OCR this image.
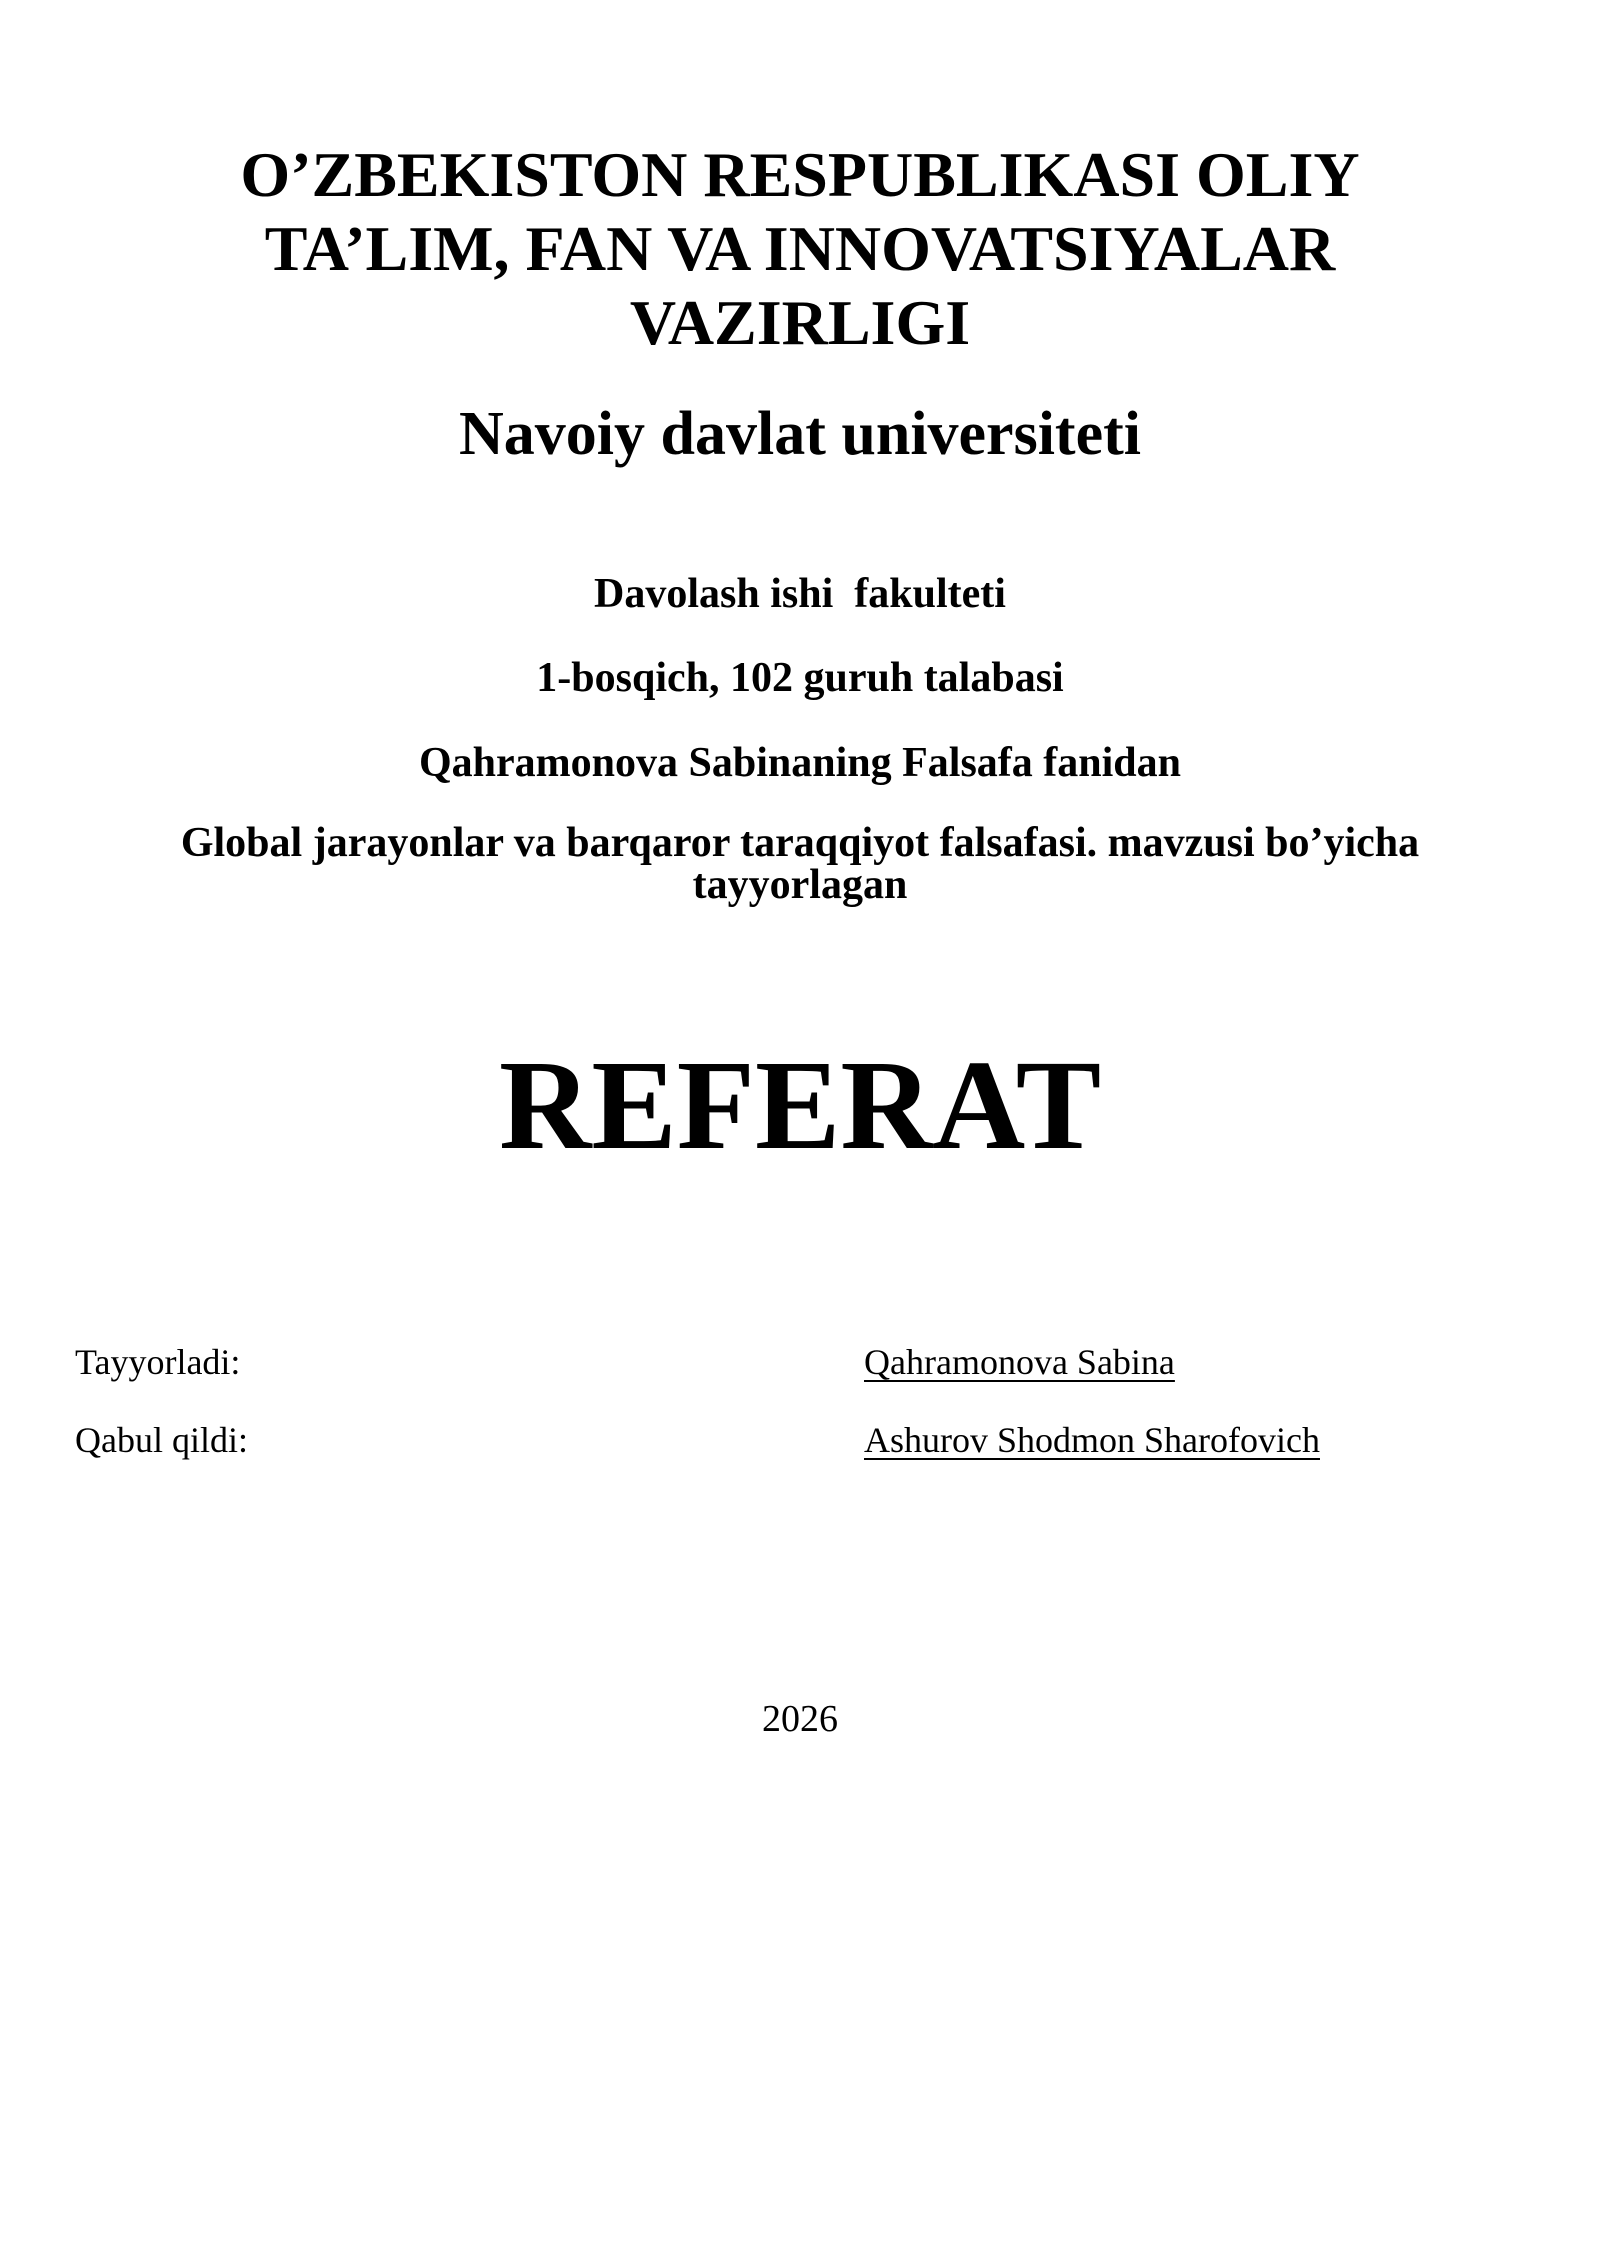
O’ZBEKISTON RESPUBLIKASI OLIY
TA’LIM, FAN VA INNOVATSIYALAR
VAZIRLIGI
Navoiy davlat universiteti
Davolash ishi  fakulteti
1-bosqich, 102 guruh talabasi
Qahramonova Sabinaning Falsafa fanidan
Global jarayonlar va barqaror taraqqiyot falsafasi. mavzusi bo’yicha
tayyorlagan
REFERAT
Tayyorladi:	Qahramonova Sabina
Qabul qildi:	Ashurov Shodmon Sharofovich
2026
